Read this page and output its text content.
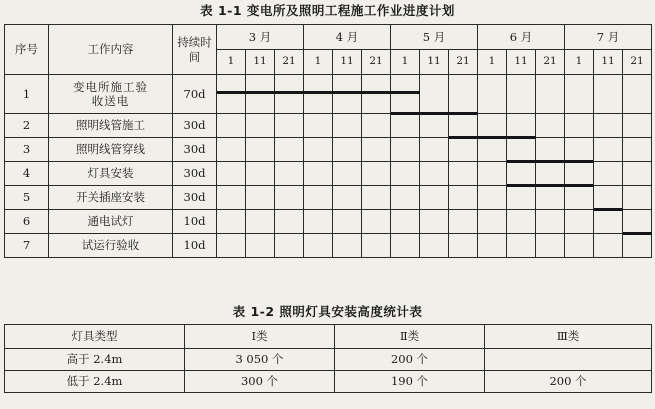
表 1-1 变电所及照明工程施工作业进度计划
序号	工作内容	持续时间	3 月			4 月			5 月			6 月			7 月		
			1	11	21	1	11	21	1	11	21	1	11	21	1	11	21
1	变电所施工验收送电	70d	

2	照明线管施工	30d							

3	照明线管穿线	30d									

4	灯具安装	30d											

5	开关插座安装	30d											

6	通电试灯	10d														

7	试运行验收	10d															
表 1-2 照明灯具安装高度统计表
灯具类型	Ⅰ类	Ⅱ类	Ⅲ类
高于 2.4m	3 050 个	200 个	
低于 2.4m	300 个	190 个	200 个
